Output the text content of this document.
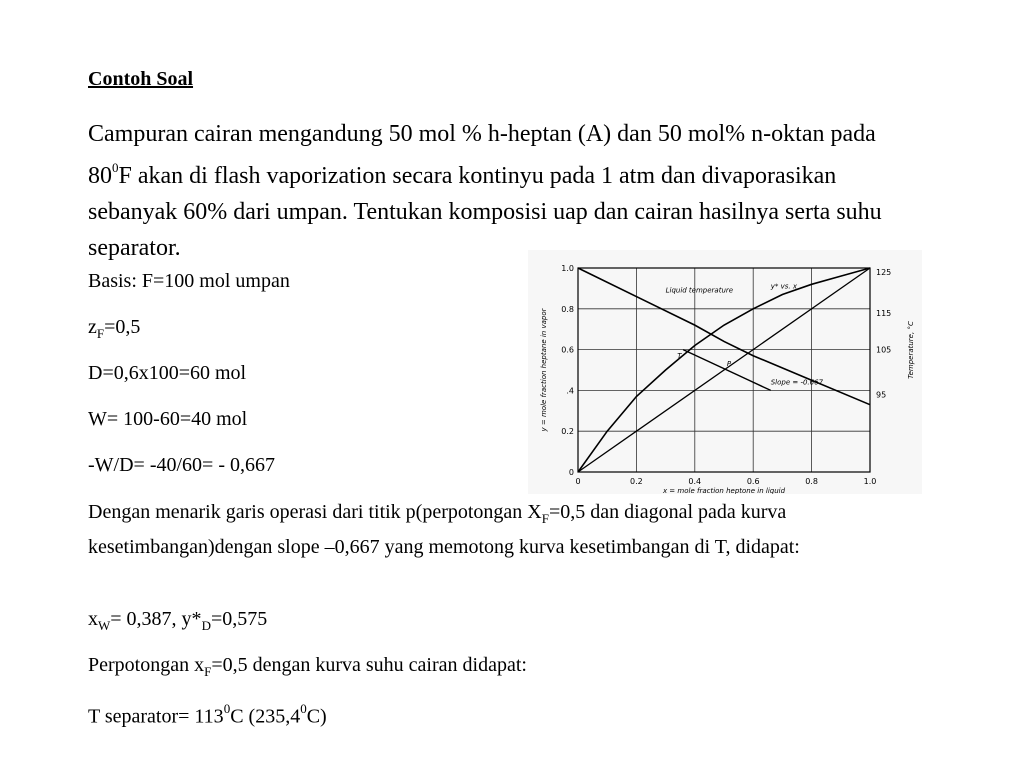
Contoh Soal
Campuran cairan mengandung 50 mol % h-heptan (A) dan 50 mol% n-oktan pada $80^0F$ akan di flash vaporization secara kontinyu pada 1 atm dan divaporasikan sebanyak 60% dari umpan. Tentukan komposisi uap dan cairan hasilnya serta suhu separator.
Basis: F=100 mol umpan
$z_F=0,5$
D=0,6x100=60 mol
W= 100-60=40 mol
-W/D= -40/60= - 0,667
Dengan menarik garis operasi dari titik p(perpotongan $X_F=0,5$ dan diagonal pada kurva kesetimbangan)dengan slope –0,667 yang memotong kurva kesetimbangan di T, didapat:
$x_W= 0,387$, $y*_D=0,575$
Perpotongan $x_F=0,5$ dengan kurva suhu cairan didapat:
T separator= $113^0C$ (235,4$^0$C)
0	0.2	0.4	0.6	0.8	1.0
0
0.2
.4
0.6
0.8
1.0
95
105
115
125
x = mole fraction heptone in liquid
y = mole fraction heptane in vapor	Temperature, °C
Liquid temperature
y* vs. x
Slope = -0.667
T
P
